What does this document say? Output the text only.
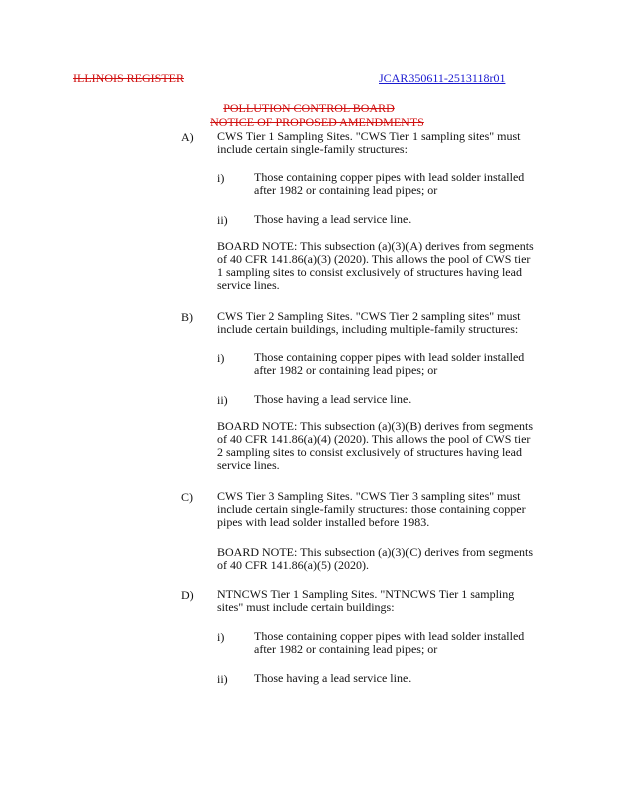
ILLINOIS REGISTER	JCAR350611-2513118r01
POLLUTION CONTROL BOARD
NOTICE OF PROPOSED AMENDMENTS
A) CWS Tier 1 Sampling Sites. "CWS Tier 1 sampling sites" must
include certain single-family structures:
i) Those containing copper pipes with lead solder installed
after 1982 or containing lead pipes; or
ii) Those having a lead service line.
BOARD NOTE: This subsection (a)(3)(A) derives from segments
of 40 CFR 141.86(a)(3) (2020). This allows the pool of CWS tier
1 sampling sites to consist exclusively of structures having lead
service lines.
B) CWS Tier 2 Sampling Sites. "CWS Tier 2 sampling sites" must
include certain buildings, including multiple-family structures:
i) Those containing copper pipes with lead solder installed
after 1982 or containing lead pipes; or
ii) Those having a lead service line.
BOARD NOTE: This subsection (a)(3)(B) derives from segments
of 40 CFR 141.86(a)(4) (2020). This allows the pool of CWS tier
2 sampling sites to consist exclusively of structures having lead
service lines.
C) CWS Tier 3 Sampling Sites. "CWS Tier 3 sampling sites" must
include certain single-family structures: those containing copper
pipes with lead solder installed before 1983.
BOARD NOTE: This subsection (a)(3)(C) derives from segments
of 40 CFR 141.86(a)(5) (2020).
D) NTNCWS Tier 1 Sampling Sites. "NTNCWS Tier 1 sampling
sites" must include certain buildings:
i) Those containing copper pipes with lead solder installed
after 1982 or containing lead pipes; or
ii) Those having a lead service line.
